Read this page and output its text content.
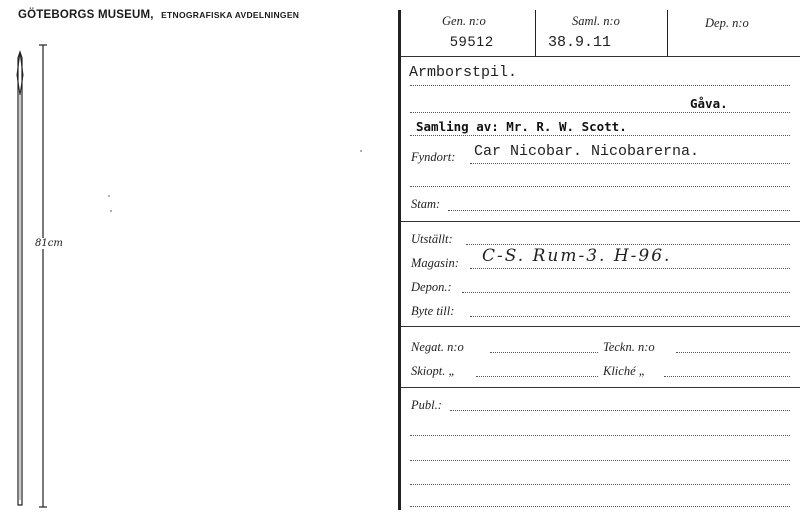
GÖTEBORGS MUSEUM, ETNOGRAFISKA AVDELNINGEN
81cm
Gen. n:o
59512
Saml. n:o
38.9.11
Dep. n:o
Armborstpil.
Gåva.
Samling av: Mr. R. W. Scott.
Fyndort: Car Nicobar. Nicobarerna.
Stam:
Utställt:
Magasin: C-S. Rum-3. H-96.
Depon.:
Byte till:
Negat. n:o	Teckn. n:o
Skiopt. „	Kliché „
Publ.:
